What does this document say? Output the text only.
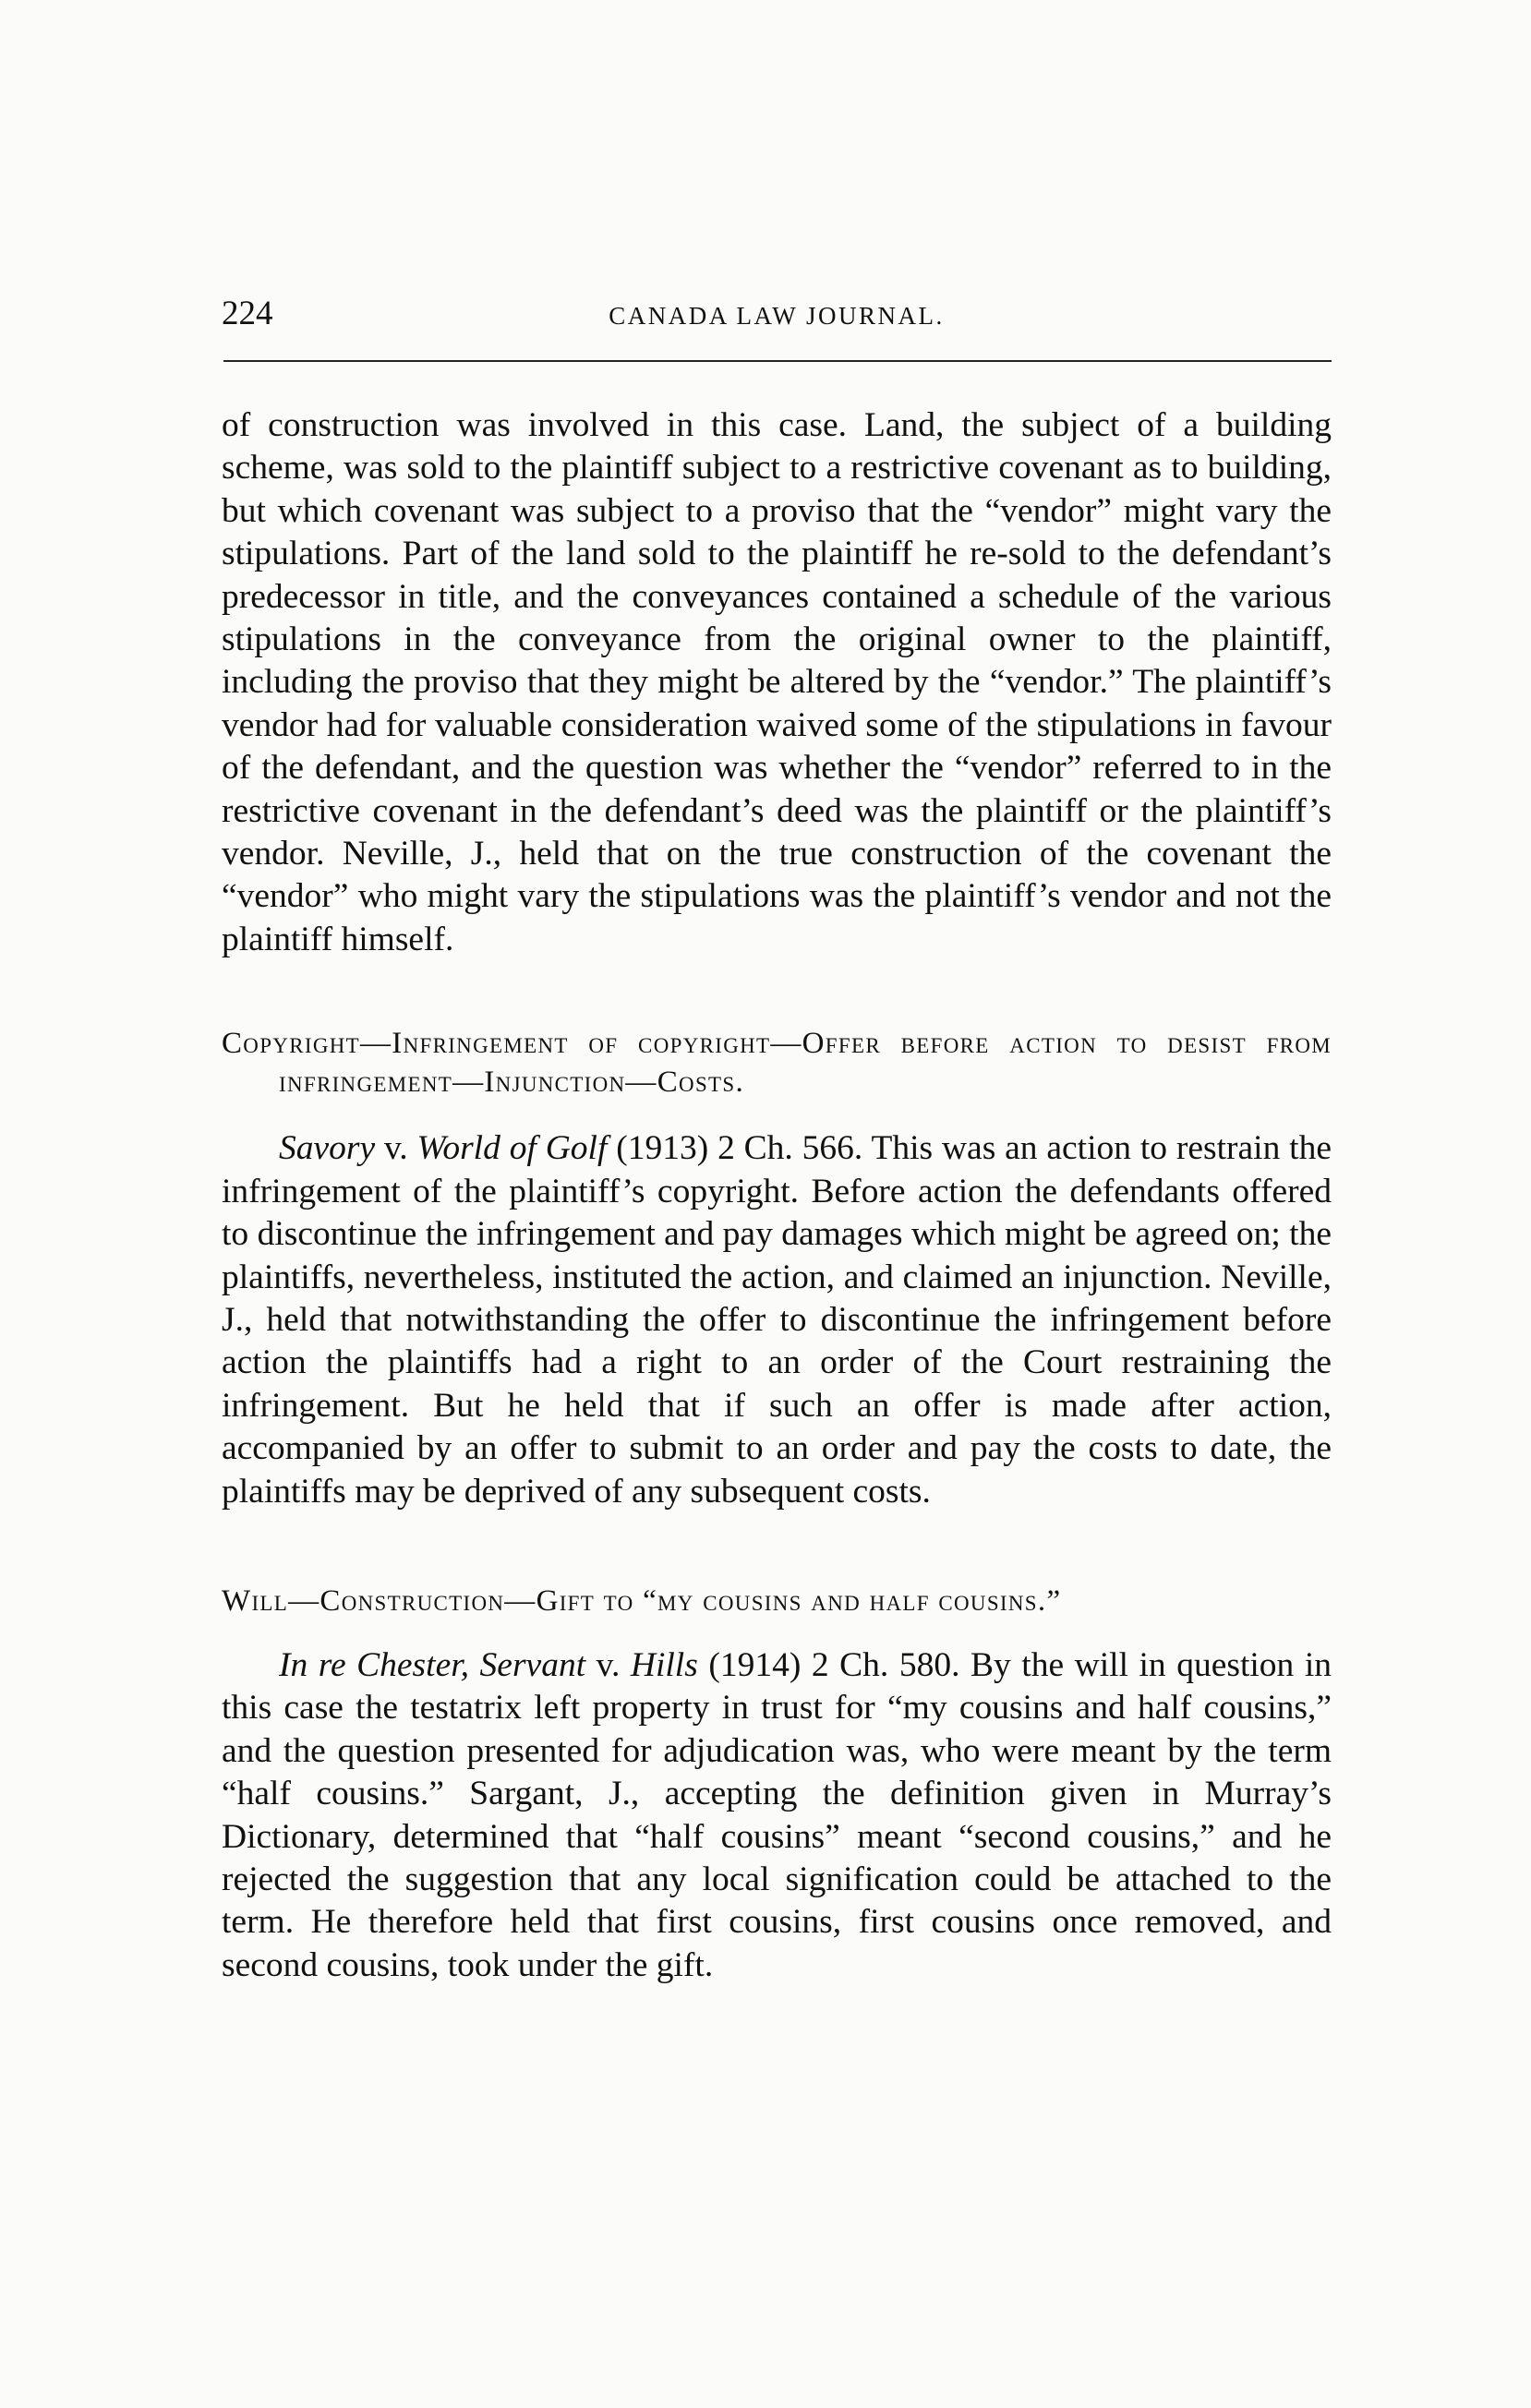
224	CANADA LAW JOURNAL.

of construction was involved in this case. Land, the subject of a building scheme, was sold to the plaintiff subject to a restrictive covenant as to building, but which covenant was subject to a proviso that the “vendor” might vary the stipulations. Part of the land sold to the plaintiff he re-sold to the defendant’s predecessor in title, and the conveyances contained a schedule of the various stipulations in the conveyance from the original owner to the plaintiff, including the proviso that they might be altered by the “vendor.” The plaintiff’s vendor had for valuable consideration waived some of the stipulations in favour of the defendant, and the question was whether the “vendor” referred to in the restrictive covenant in the defendant’s deed was the plaintiff or the plaintiff’s vendor. Neville, J., held that on the true construction of the covenant the “vendor” who might vary the stipulations was the plaintiff’s vendor and not the plaintiff himself.

Copyright—Infringement of copyright—Offer before action to desist from infringement—Injunction—Costs.

Savory v. World of Golf (1913) 2 Ch. 566. This was an action to restrain the infringement of the plaintiff’s copyright. Before action the defendants offered to discontinue the infringement and pay damages which might be agreed on; the plaintiffs, nevertheless, instituted the action, and claimed an injunction. Neville, J., held that notwithstanding the offer to discontinue the infringement before action the plaintiffs had a right to an order of the Court restraining the infringement. But he held that if such an offer is made after action, accompanied by an offer to submit to an order and pay the costs to date, the plaintiffs may be deprived of any subsequent costs.

Will—Construction—Gift to “my cousins and half cousins.”

In re Chester, Servant v. Hills (1914) 2 Ch. 580. By the will in question in this case the testatrix left property in trust for “my cousins and half cousins,” and the question presented for adjudication was, who were meant by the term “half cousins.” Sargant, J., accepting the definition given in Murray’s Dictionary, determined that “half cousins” meant “second cousins,” and he rejected the suggestion that any local signification could be attached to the term. He therefore held that first cousins, first cousins once removed, and second cousins, took under the gift.
